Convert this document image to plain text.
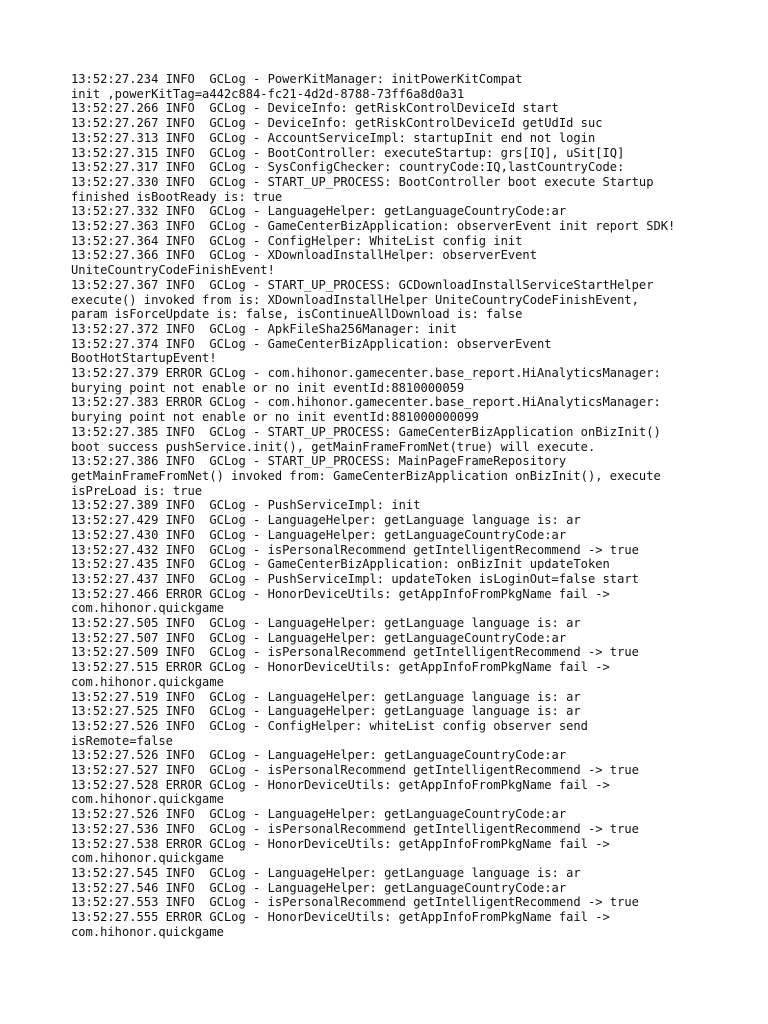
13:52:27.234 INFO  GCLog - PowerKitManager: initPowerKitCompat
init ,powerKitTag=a442c884-fc21-4d2d-8788-73ff6a8d0a31
13:52:27.266 INFO  GCLog - DeviceInfo: getRiskControlDeviceId start
13:52:27.267 INFO  GCLog - DeviceInfo: getRiskControlDeviceId getUdId suc
13:52:27.313 INFO  GCLog - AccountServiceImpl: startupInit end not login
13:52:27.315 INFO  GCLog - BootController: executeStartup: grs[IQ], uSit[IQ]
13:52:27.317 INFO  GCLog - SysConfigChecker: countryCode:IQ,lastCountryCode:
13:52:27.330 INFO  GCLog - START_UP_PROCESS: BootController boot execute Startup
finished isBootReady is: true
13:52:27.332 INFO  GCLog - LanguageHelper: getLanguageCountryCode:ar
13:52:27.363 INFO  GCLog - GameCenterBizApplication: observerEvent init report SDK!
13:52:27.364 INFO  GCLog - ConfigHelper: WhiteList config init
13:52:27.366 INFO  GCLog - XDownloadInstallHelper: observerEvent
UniteCountryCodeFinishEvent!
13:52:27.367 INFO  GCLog - START_UP_PROCESS: GCDownloadInstallServiceStartHelper
execute() invoked from is: XDownloadInstallHelper UniteCountryCodeFinishEvent,
param isForceUpdate is: false, isContinueAllDownload is: false
13:52:27.372 INFO  GCLog - ApkFileSha256Manager: init
13:52:27.374 INFO  GCLog - GameCenterBizApplication: observerEvent
BootHotStartupEvent!
13:52:27.379 ERROR GCLog - com.hihonor.gamecenter.base_report.HiAnalyticsManager:
burying point not enable or no init eventId:8810000059
13:52:27.383 ERROR GCLog - com.hihonor.gamecenter.base_report.HiAnalyticsManager:
burying point not enable or no init eventId:881000000099
13:52:27.385 INFO  GCLog - START_UP_PROCESS: GameCenterBizApplication onBizInit()
boot success pushService.init(), getMainFrameFromNet(true) will execute.
13:52:27.386 INFO  GCLog - START_UP_PROCESS: MainPageFrameRepository
getMainFrameFromNet() invoked from: GameCenterBizApplication onBizInit(), execute
isPreLoad is: true
13:52:27.389 INFO  GCLog - PushServiceImpl: init
13:52:27.429 INFO  GCLog - LanguageHelper: getLanguage language is: ar
13:52:27.430 INFO  GCLog - LanguageHelper: getLanguageCountryCode:ar
13:52:27.432 INFO  GCLog - isPersonalRecommend getIntelligentRecommend -> true
13:52:27.435 INFO  GCLog - GameCenterBizApplication: onBizInit updateToken
13:52:27.437 INFO  GCLog - PushServiceImpl: updateToken isLoginOut=false start
13:52:27.466 ERROR GCLog - HonorDeviceUtils: getAppInfoFromPkgName fail ->
com.hihonor.quickgame
13:52:27.505 INFO  GCLog - LanguageHelper: getLanguage language is: ar
13:52:27.507 INFO  GCLog - LanguageHelper: getLanguageCountryCode:ar
13:52:27.509 INFO  GCLog - isPersonalRecommend getIntelligentRecommend -> true
13:52:27.515 ERROR GCLog - HonorDeviceUtils: getAppInfoFromPkgName fail ->
com.hihonor.quickgame
13:52:27.519 INFO  GCLog - LanguageHelper: getLanguage language is: ar
13:52:27.525 INFO  GCLog - LanguageHelper: getLanguage language is: ar
13:52:27.526 INFO  GCLog - ConfigHelper: whiteList config observer send
isRemote=false
13:52:27.526 INFO  GCLog - LanguageHelper: getLanguageCountryCode:ar
13:52:27.527 INFO  GCLog - isPersonalRecommend getIntelligentRecommend -> true
13:52:27.528 ERROR GCLog - HonorDeviceUtils: getAppInfoFromPkgName fail ->
com.hihonor.quickgame
13:52:27.526 INFO  GCLog - LanguageHelper: getLanguageCountryCode:ar
13:52:27.536 INFO  GCLog - isPersonalRecommend getIntelligentRecommend -> true
13:52:27.538 ERROR GCLog - HonorDeviceUtils: getAppInfoFromPkgName fail ->
com.hihonor.quickgame
13:52:27.545 INFO  GCLog - LanguageHelper: getLanguage language is: ar
13:52:27.546 INFO  GCLog - LanguageHelper: getLanguageCountryCode:ar
13:52:27.553 INFO  GCLog - isPersonalRecommend getIntelligentRecommend -> true
13:52:27.555 ERROR GCLog - HonorDeviceUtils: getAppInfoFromPkgName fail ->
com.hihonor.quickgame
